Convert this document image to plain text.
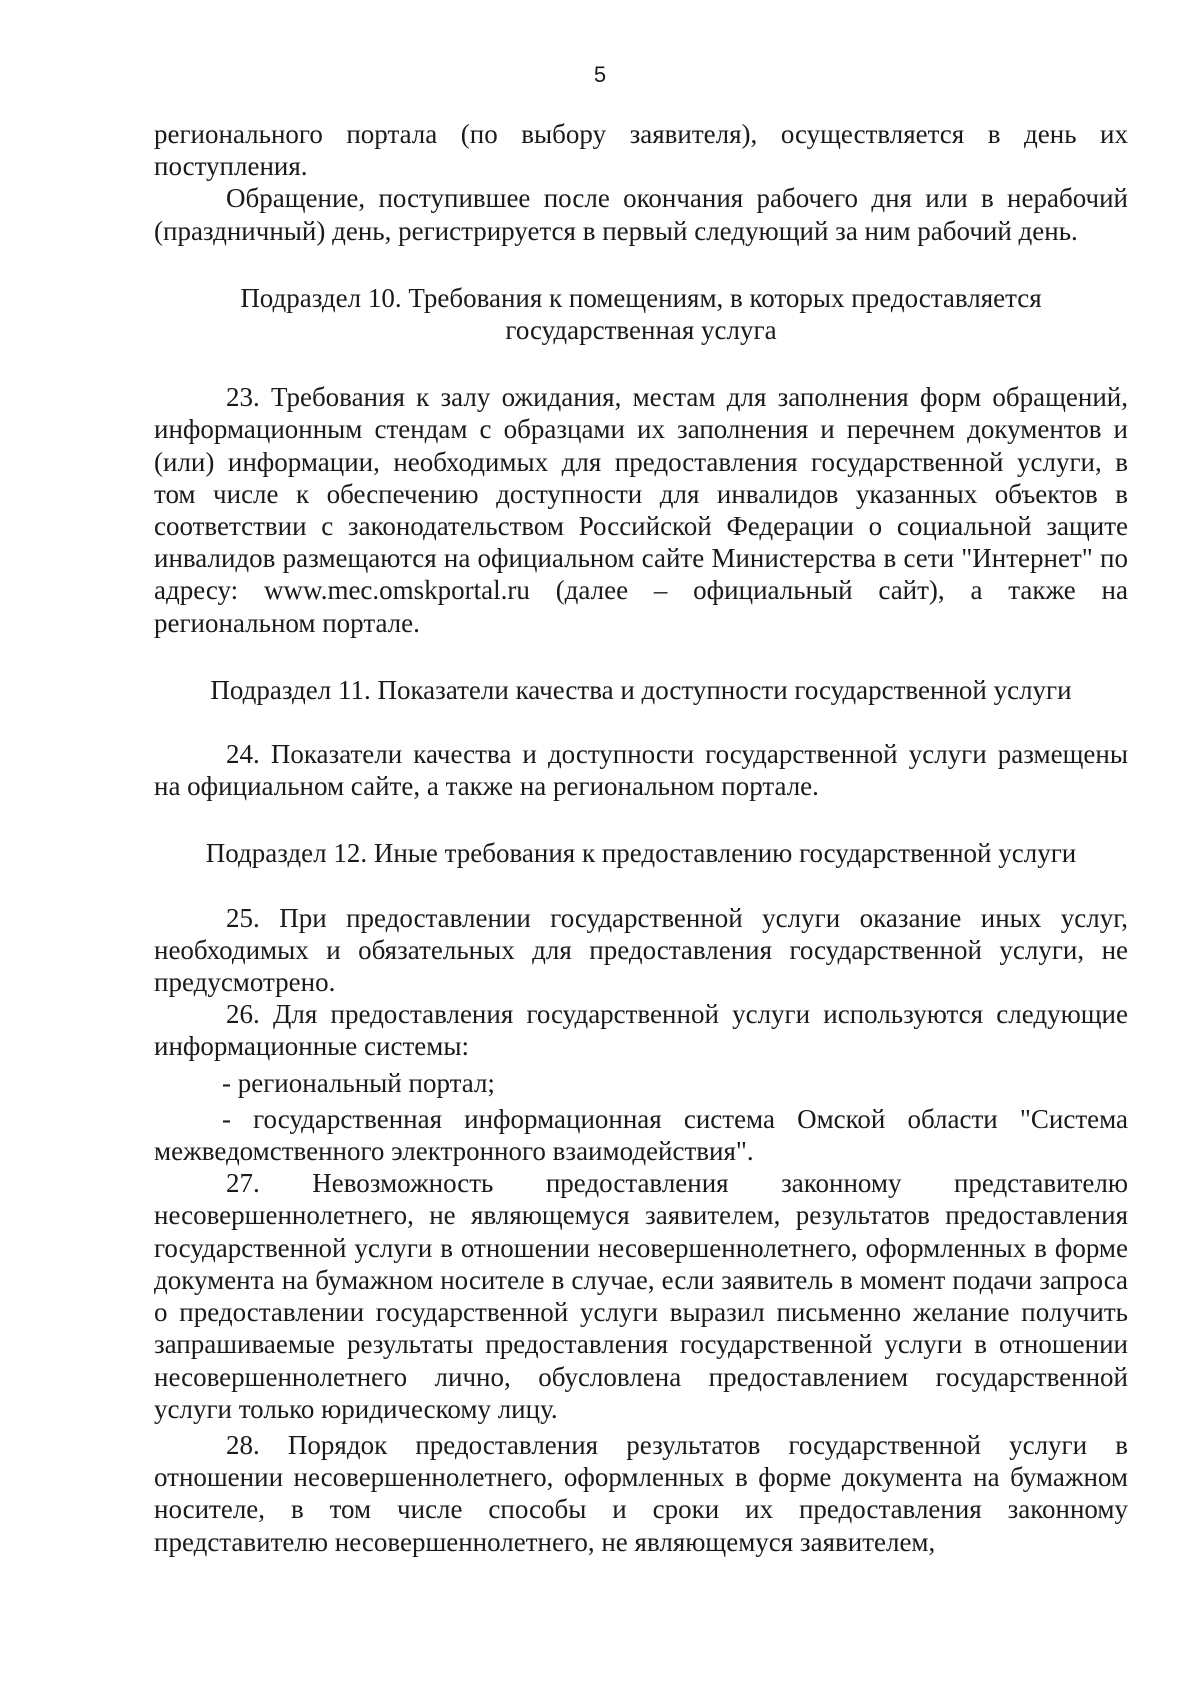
5

регионального портала (по выбору заявителя), осуществляется в день их поступления.

Обращение, поступившее после окончания рабочего дня или в нерабочий (праздничный) день, регистрируется в первый следующий за ним рабочий день.

Подраздел 10. Требования к помещениям, в которых предоставляется государственная услуга

23. Требования к залу ожидания, местам для заполнения форм обращений, информационным стендам с образцами их заполнения и перечнем документов и (или) информации, необходимых для предоставления государственной услуги, в том числе к обеспечению доступности для инвалидов указанных объектов в соответствии с законодательством Российской Федерации о социальной защите инвалидов размещаются на официальном сайте Министерства в сети "Интернет" по адресу: www.mec.omskportal.ru (далее – официальный сайт), а также на региональном портале.

Подраздел 11. Показатели качества и доступности государственной услуги

24. Показатели качества и доступности государственной услуги размещены на официальном сайте, а также на региональном портале.

Подраздел 12. Иные требования к предоставлению государственной услуги

25. При предоставлении государственной услуги оказание иных услуг, необходимых и обязательных для предоставления государственной услуги, не предусмотрено.

26. Для предоставления государственной услуги используются следующие информационные системы:

- региональный портал;

- государственная информационная система Омской области "Система межведомственного электронного взаимодействия".

27. Невозможность предоставления законному представителю несовершеннолетнего, не являющемуся заявителем, результатов предоставления государственной услуги в отношении несовершеннолетнего, оформленных в форме документа на бумажном носителе в случае, если заявитель в момент подачи запроса о предоставлении государственной услуги выразил письменно желание получить запрашиваемые результаты предоставления государственной услуги в отношении несовершеннолетнего лично, обусловлена предоставлением государственной услуги только юридическому лицу.

28. Порядок предоставления результатов государственной услуги в отношении несовершеннолетнего, оформленных в форме документа на бумажном носителе, в том числе способы и сроки их предоставления законному представителю несовершеннолетнего, не являющемуся заявителем,
